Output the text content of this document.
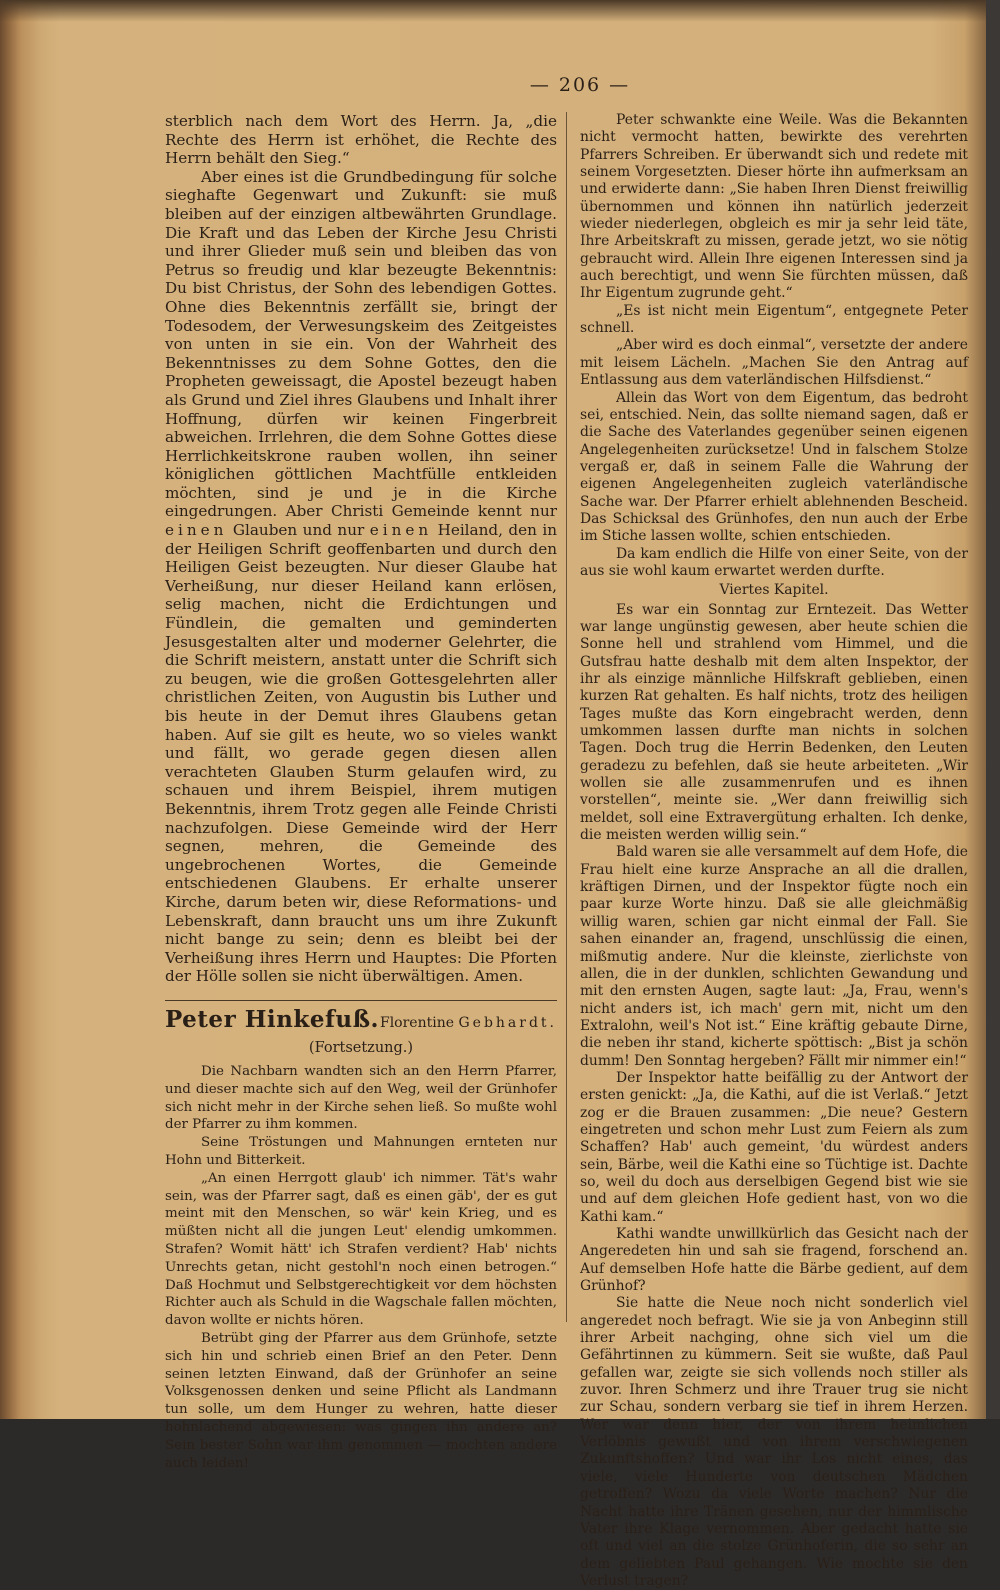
— 206 —

sterblich nach dem Wort des Herrn. Ja, „die Rechte des Herrn ist erhöhet, die Rechte des Herrn behält den Sieg.“

Aber eines ist die Grundbedingung für solche sieghafte Gegenwart und Zukunft: sie muß bleiben auf der einzigen altbewährten Grundlage. Die Kraft und das Leben der Kirche Jesu Christi und ihrer Glieder muß sein und bleiben das von Petrus so freudig und klar bezeugte Bekenntnis: Du bist Christus, der Sohn des lebendigen Gottes. Ohne dies Bekenntnis zerfällt sie, bringt der Todesodem, der Verwesungskeim des Zeitgeistes von unten in sie ein. Von der Wahrheit des Bekenntnisses zu dem Sohne Gottes, den die Propheten geweissagt, die Apostel bezeugt haben als Grund und Ziel ihres Glaubens und Inhalt ihrer Hoffnung, dürfen wir keinen Fingerbreit abweichen. Irrlehren, die dem Sohne Gottes diese Herrlichkeitskrone rauben wollen, ihn seiner königlichen göttlichen Machtfülle entkleiden möchten, sind je und je in die Kirche eingedrungen. Aber Christi Gemeinde kennt nur einen Glauben und nur einen Heiland, den in der Heiligen Schrift geoffenbarten und durch den Heiligen Geist bezeugten. Nur dieser Glaube hat Verheißung, nur dieser Heiland kann erlösen, selig machen, nicht die Erdichtungen und Fündlein, die gemalten und geminderten Jesusgestalten alter und moderner Gelehrter, die die Schrift meistern, anstatt unter die Schrift sich zu beugen, wie die großen Gottesgelehrten aller christlichen Zeiten, von Augustin bis Luther und bis heute in der Demut ihres Glaubens getan haben. Auf sie gilt es heute, wo so vieles wankt und fällt, wo gerade gegen diesen allen verachteten Glauben Sturm gelaufen wird, zu schauen und ihrem Beispiel, ihrem mutigen Bekenntnis, ihrem Trotz gegen alle Feinde Christi nachzufolgen. Diese Gemeinde wird der Herr segnen, mehren, die Gemeinde des ungebrochenen Wortes, die Gemeinde entschiedenen Glaubens. Er erhalte unserer Kirche, darum beten wir, diese Reformations- und Lebenskraft, dann braucht uns um ihre Zukunft nicht bange zu sein; denn es bleibt bei der Verheißung ihres Herrn und Hauptes: Die Pforten der Hölle sollen sie nicht überwältigen. Amen.

Peter Hinkefuß. Florentine Gebhardt.

(Fortsetzung.)

Die Nachbarn wandten sich an den Herrn Pfarrer, und dieser machte sich auf den Weg, weil der Grünhofer sich nicht mehr in der Kirche sehen ließ. So mußte wohl der Pfarrer zu ihm kommen.

Seine Tröstungen und Mahnungen ernteten nur Hohn und Bitterkeit.

„An einen Herrgott glaub' ich nimmer. Tät's wahr sein, was der Pfarrer sagt, daß es einen gäb', der es gut meint mit den Menschen, so wär' kein Krieg, und es müßten nicht all die jungen Leut' elendig umkommen. Strafen? Womit hätt' ich Strafen verdient? Hab' nichts Unrechts getan, nicht gestohl'n noch einen betrogen.“ Daß Hochmut und Selbstgerechtigkeit vor dem höchsten Richter auch als Schuld in die Wagschale fallen möchten, davon wollte er nichts hören.

Betrübt ging der Pfarrer aus dem Grünhofe, setzte sich hin und schrieb einen Brief an den Peter. Denn seinen letzten Einwand, daß der Grünhofer an seine Volksgenossen denken und seine Pflicht als Landmann tun solle, um dem Hunger zu wehren, hatte dieser hohnlachend abgewiesen: was gingen ihn andere an? Sein bester Sohn war ihm genommen — mochten andere auch leiden!

Peter schwankte eine Weile. Was die Bekannten nicht vermocht hatten, bewirkte des verehrten Pfarrers Schreiben. Er überwandt sich und redete mit seinem Vorgesetzten. Dieser hörte ihn aufmerksam an und erwiderte dann: „Sie haben Ihren Dienst freiwillig übernommen und können ihn natürlich jederzeit wieder niederlegen, obgleich es mir ja sehr leid täte, Ihre Arbeitskraft zu missen, gerade jetzt, wo sie nötig gebraucht wird. Allein Ihre eigenen Interessen sind ja auch berechtigt, und wenn Sie fürchten müssen, daß Ihr Eigentum zugrunde geht.“

„Es ist nicht mein Eigentum“, entgegnete Peter schnell.

„Aber wird es doch einmal“, versetzte der andere mit leisem Lächeln. „Machen Sie den Antrag auf Entlassung aus dem vaterländischen Hilfsdienst.“

Allein das Wort von dem Eigentum, das bedroht sei, entschied. Nein, das sollte niemand sagen, daß er die Sache des Vaterlandes gegenüber seinen eigenen Angelegenheiten zurücksetze! Und in falschem Stolze vergaß er, daß in seinem Falle die Wahrung der eigenen Angelegenheiten zugleich vaterländische Sache war. Der Pfarrer erhielt ablehnenden Bescheid. Das Schicksal des Grünhofes, den nun auch der Erbe im Stiche lassen wollte, schien entschieden.

Da kam endlich die Hilfe von einer Seite, von der aus sie wohl kaum erwartet werden durfte.

Viertes Kapitel.

Es war ein Sonntag zur Erntezeit. Das Wetter war lange ungünstig gewesen, aber heute schien die Sonne hell und strahlend vom Himmel, und die Gutsfrau hatte deshalb mit dem alten Inspektor, der ihr als einzige männliche Hilfskraft geblieben, einen kurzen Rat gehalten. Es half nichts, trotz des heiligen Tages mußte das Korn eingebracht werden, denn umkommen lassen durfte man nichts in solchen Tagen. Doch trug die Herrin Bedenken, den Leuten geradezu zu befehlen, daß sie heute arbeiteten. „Wir wollen sie alle zusammenrufen und es ihnen vorstellen“, meinte sie. „Wer dann freiwillig sich meldet, soll eine Extravergütung erhalten. Ich denke, die meisten werden willig sein.“

Bald waren sie alle versammelt auf dem Hofe, die Frau hielt eine kurze Ansprache an all die drallen, kräftigen Dirnen, und der Inspektor fügte noch ein paar kurze Worte hinzu. Daß sie alle gleichmäßig willig waren, schien gar nicht einmal der Fall. Sie sahen einander an, fragend, unschlüssig die einen, mißmutig andere. Nur die kleinste, zierlichste von allen, die in der dunklen, schlichten Gewandung und mit den ernsten Augen, sagte laut: „Ja, Frau, wenn's nicht anders ist, ich mach' gern mit, nicht um den Extralohn, weil's Not ist.“ Eine kräftig gebaute Dirne, die neben ihr stand, kicherte spöttisch: „Bist ja schön dumm! Den Sonntag hergeben? Fällt mir nimmer ein!“

Der Inspektor hatte beifällig zu der Antwort der ersten genickt: „Ja, die Kathi, auf die ist Verlaß.“ Jetzt zog er die Brauen zusammen: „Die neue? Gestern eingetreten und schon mehr Lust zum Feiern als zum Schaffen? Hab' auch gemeint, 'du würdest anders sein, Bärbe, weil die Kathi eine so Tüchtige ist. Dachte so, weil du doch aus derselbigen Gegend bist wie sie und auf dem gleichen Hofe gedient hast, von wo die Kathi kam.“

Kathi wandte unwillkürlich das Gesicht nach der Angeredeten hin und sah sie fragend, forschend an. Auf demselben Hofe hatte die Bärbe gedient, auf dem Grünhof?

Sie hatte die Neue noch nicht sonderlich viel angeredet noch befragt. Wie sie ja von Anbeginn still ihrer Arbeit nachging, ohne sich viel um die Gefährtinnen zu kümmern. Seit sie wußte, daß Paul gefallen war, zeigte sie sich vollends noch stiller als zuvor. Ihren Schmerz und ihre Trauer trug sie nicht zur Schau, sondern verbarg sie tief in ihrem Herzen. Wer war denn hier, der von ihrem heimlichen Verlöbnis gewußt und von ihrem verschwiegenen Zukunftshoffen? Und war ihr Los nicht eines, das viele, viele Hunderte von deutschen Mädchen getroffen? Wozu da viele Worte machen? Nur die Nacht hatte ihre Tränen gesehen, nur der himmlische Vater ihre Klage vernommen. Aber gedacht hatte sie oft und viel an die stolze Grünhoferin, die so sehr an dem geliebten Paul gehangen. Wie mochte sie den Verlust tragen?
